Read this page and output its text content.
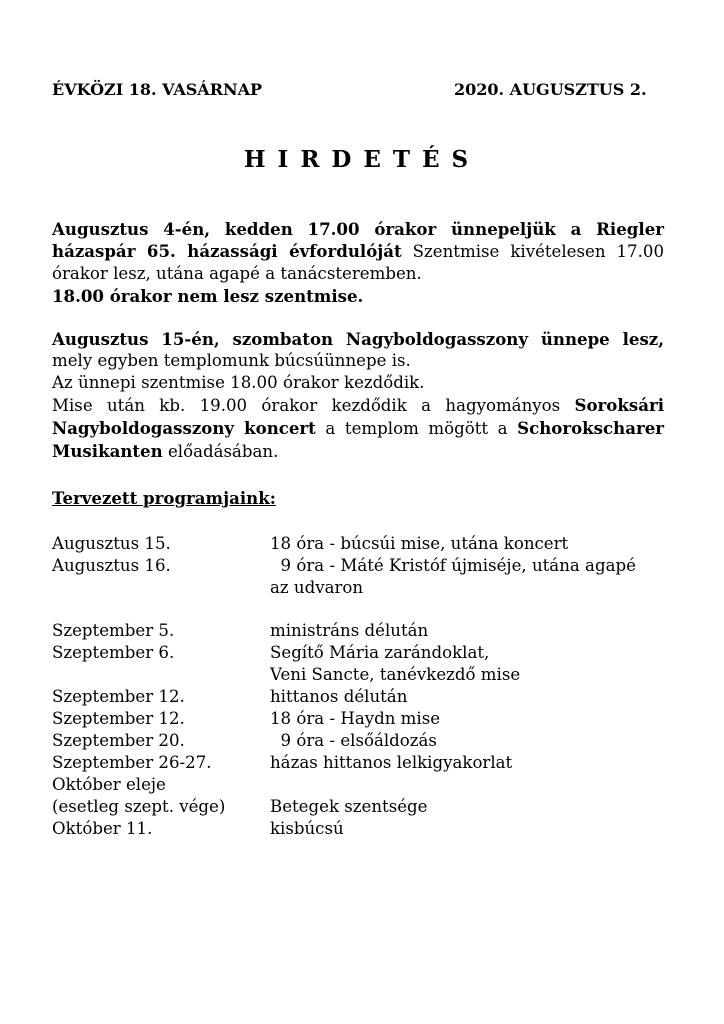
ÉVKÖZI 18. VASÁRNAP	2020. AUGUSZTUS 2.
HIRDETÉS
Augusztus 4-én, kedden 17.00 órakor ünnepeljük a Riegler
házaspár 65. házassági évfordulóját Szentmise kivételesen 17.00
órakor lesz, utána agapé a tanácsteremben.
18.00 órakor nem lesz szentmise.
Augusztus 15-én, szombaton Nagyboldogasszony ünnepe lesz,
mely egyben templomunk búcsúünnepe is.
Az ünnepi szentmise 18.00 órakor kezdődik.
Mise után kb. 19.00 órakor kezdődik a hagyományos Soroksári
Nagyboldogasszony koncert a templom mögött a Schorokscharer
Musikanten előadásában.
Tervezett programjaink:
Augusztus 15.	18 óra - búcsúi mise, utána koncert
Augusztus 16.	9 óra - Máté Kristóf újmiséje, utána agapé
az udvaron
Szeptember 5.	ministráns délután
Szeptember 6.	Segítő Mária zarándoklat,
Veni Sancte, tanévkezdő mise
Szeptember 12.	hittanos délután
Szeptember 12.	18 óra - Haydn mise
Szeptember 20.	9 óra - elsőáldozás
Szeptember 26-27.	házas hittanos lelkigyakorlat
Október eleje
(esetleg szept. vége)	Betegek szentsége
Október 11.	kisbúcsú
